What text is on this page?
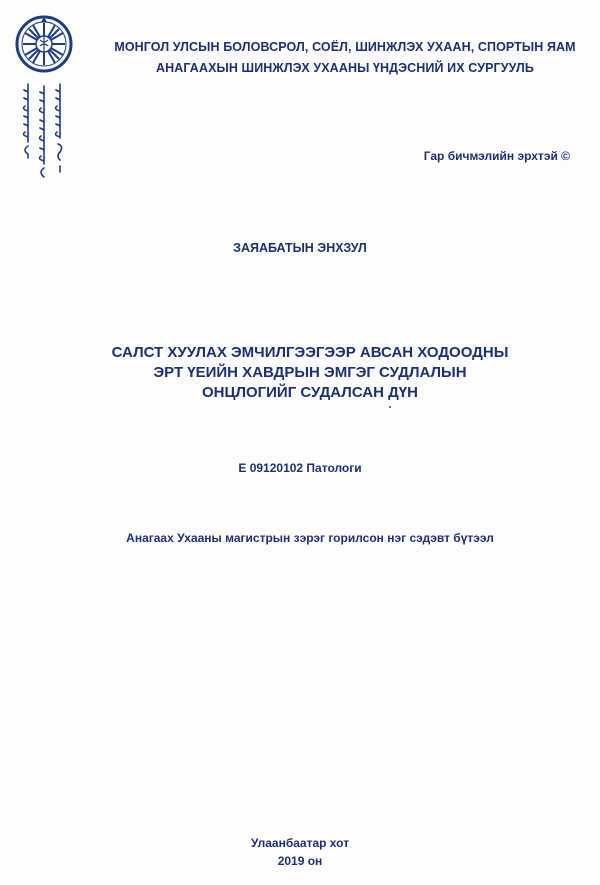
МОНГОЛ УЛСЫН БОЛОВСРОЛ, СОЁЛ, ШИНЖЛЭХ УХААН, СПОРТЫН ЯАМ
АНАГААХЫН ШИНЖЛЭХ УХААНЫ ҮНДЭСНИЙ ИХ СУРГУУЛЬ
Гар бичмэлийн эрхтэй ©
ЗАЯАБАТЫН ЭНХЗУЛ
САЛСТ ХУУЛАХ ЭМЧИЛГЭЭГЭЭР АВСАН ХОДООДНЫ
ЭРТ ҮЕИЙН ХАВДРЫН ЭМГЭГ СУДЛАЛЫН
ОНЦЛОГИЙГ СУДАЛСАН ДҮН
Е 09120102 Патологи
Анагаах Ухааны магистрын зэрэг горилсон нэг сэдэвт бүтээл
Улаанбаатар хот
2019 он
